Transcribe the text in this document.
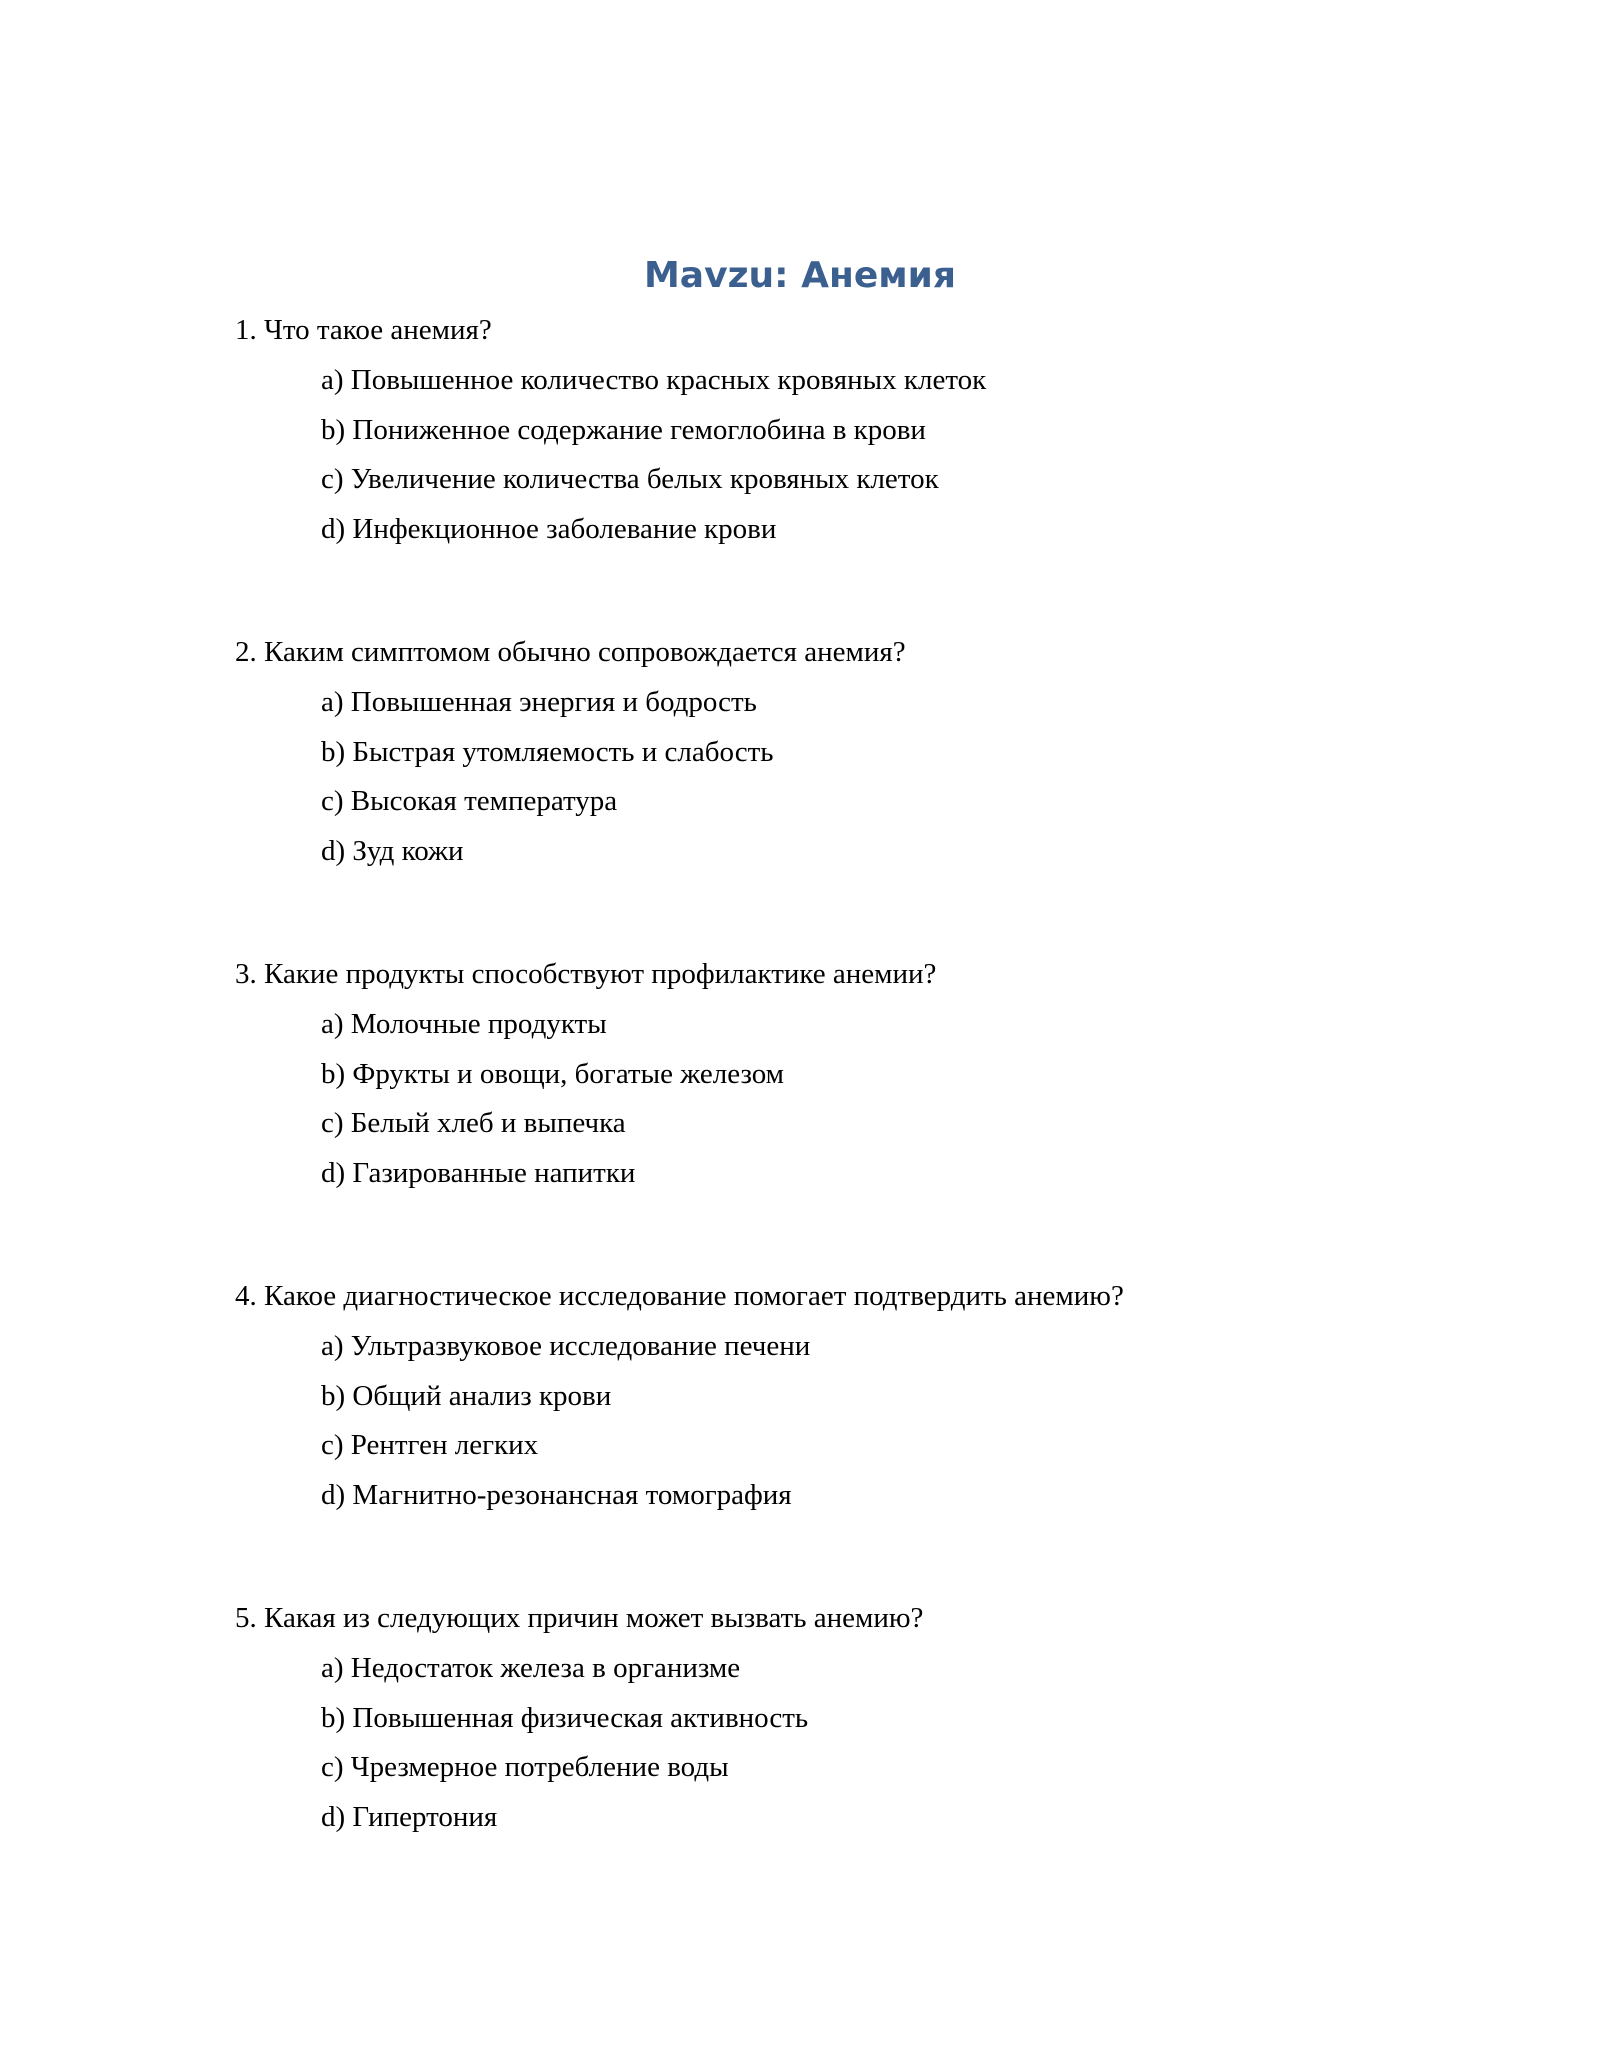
Mavzu: Анемия

1. Что такое анемия?

a) Повышенное количество красных кровяных клеток
b) Пониженное содержание гемоглобина в крови
c) Увеличение количества белых кровяных клеток
d) Инфекционное заболевание крови

2. Каким симптомом обычно сопровождается анемия?

a) Повышенная энергия и бодрость
b) Быстрая утомляемость и слабость
c) Высокая температура
d) Зуд кожи

3. Какие продукты способствуют профилактике анемии?

a) Молочные продукты
b) Фрукты и овощи, богатые железом
c) Белый хлеб и выпечка
d) Газированные напитки

4. Какое диагностическое исследование помогает подтвердить анемию?

a) Ультразвуковое исследование печени
b) Общий анализ крови
c) Рентген легких
d) Магнитно-резонансная томография

5. Какая из следующих причин может вызвать анемию?

a) Недостаток железа в организме
b) Повышенная физическая активность
c) Чрезмерное потребление воды
d) Гипертония
